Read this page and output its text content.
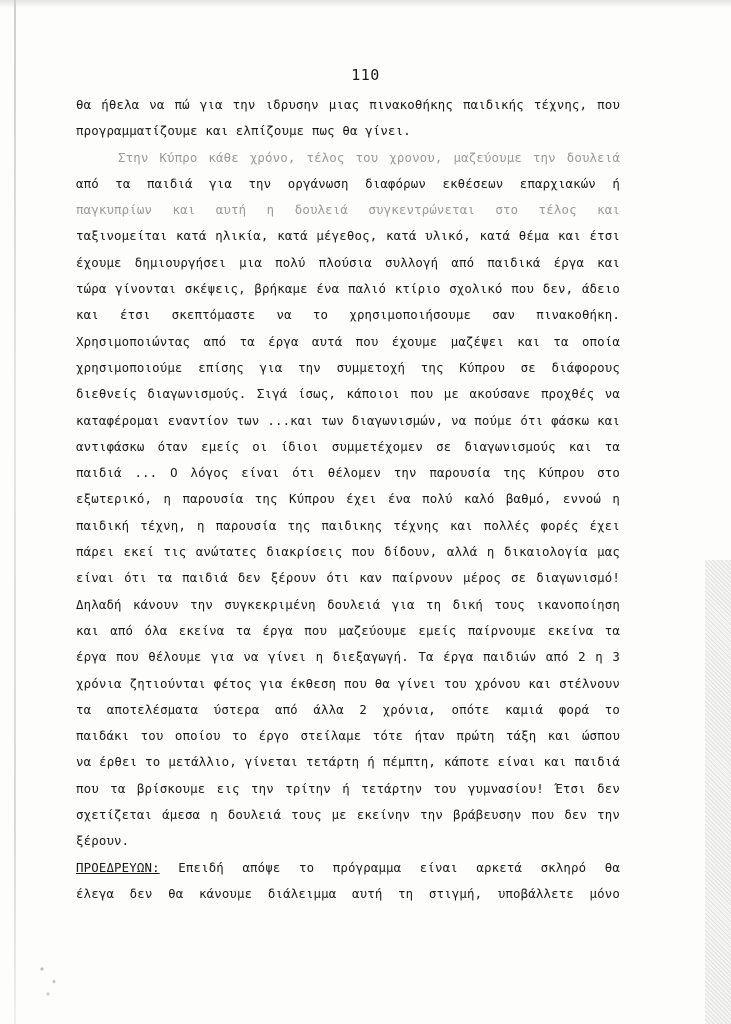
110
θα ήθελα να πώ για την ιδρυσην μιας πινακοθήκης παιδικής τέχνης, που
προγραμματίζουμε και ελπίζουμε πως θα γίνει.
Στην Κύπρο κάθε χρόνο, τέλος του χρονου, μαζεύουμε την δουλειά
από τα παιδιά για την οργάνωση διαφόρων εκθέσεων επαρχιακών ή
παγκυπρίων και αυτή η δουλειά συγκεντρώνεται στο τέλος και
ταξινομείται κατά ηλικία, κατά μέγεθος, κατά υλικό, κατά θέμα και έτσι
έχουμε δημιουργήσει μια πολύ πλούσια συλλογή από παιδικά έργα και
τώρα γίνονται σκέψεις, βρήκαμε ένα παλιό κτίριο σχολικό που δεν, άδειο
και έτσι σκεπτόμαστε να το χρησιμοποιήσουμε σαν πινακοθήκη.
Χρησιμοποιώντας από τα έργα αυτά που έχουμε μαζέψει και τα οποία
χρησιμοποιούμε επίσης για την συμμετοχή της Κύπρου σε διάφορους
διεθνείς διαγωνισμούς. Σιγά ίσως, κάποιοι που με ακούσανε προχθές να
καταφέρομαι εναντίον των ...και των διαγωνισμών, να πούμε ότι φάσκω και
αντιφάσκω όταν εμείς οι ίδιοι συμμετέχομεν σε διαγωνισμούς και τα
παιδιά ... Ο λόγος είναι ότι θέλομεν την παρουσία της Κύπρου στο
εξωτερικό, η παρουσία της Κύπρου έχει ένα πολύ καλό βαθμό, εννοώ η
παιδική τέχνη, η παρουσία της παιδικης τέχνης και πολλές φορές έχει
πάρει εκεί τις ανώτατες διακρίσεις που δίδουν, αλλά η δικαιολογία μας
είναι ότι τα παιδιά δεν ξέρουν ότι καν παίρνουν μέρος σε διαγωνισμό!
Δηλαδή κάνουν την συγκεκριμένη δουλειά για τη δική τους ικανοποίηση
και από όλα εκείνα τα έργα που μαζεύουμε εμείς παίρνουμε εκείνα τα
έργα που θέλουμε για να γίνει η διεξαγωγή. Τα έργα παιδιών από 2 η 3
χρόνια ζητιούνται φέτος για έκθεση που θα γίνει του χρόνου και στέλνουν
τα αποτελέσματα ύστερα από άλλα 2 χρόνια, οπότε καμιά φορά το
παιδάκι του οποίου το έργο στείλαμε τότε ήταν πρώτη τάξη και ώσπου
να έρθει το μετάλλιο, γίνεται τετάρτη ή πέμπτη, κάποτε είναι και παιδιά
που τα βρίσκουμε εις την τρίτην ή τετάρτην του γυμνασίου! Έτσι δεν
σχετίζεται άμεσα η δουλειά τους με εκείνην την βράβευσην που δεν την
ξέρουν.
ΠΡΟΕΔΡΕΥΩΝ: Επειδή απόψε το πρόγραμμα είναι αρκετά σκληρό θα
έλεγα δεν θα κάνουμε διάλειμμα αυτή τη στιγμή, υποβάλλετε μόνο
